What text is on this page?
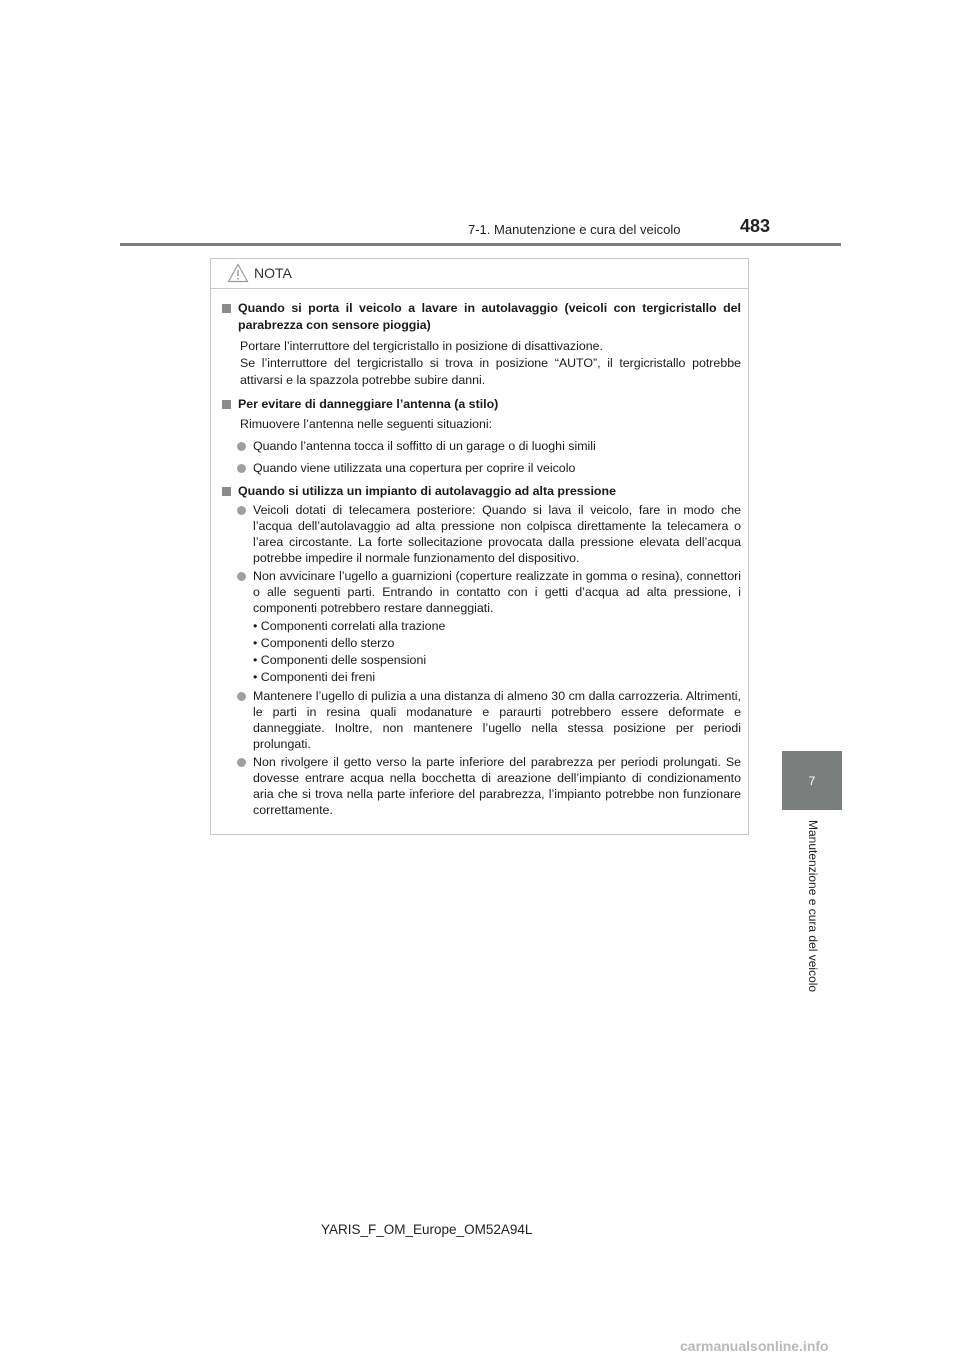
7-1. Manutenzione e cura del veicolo	483
7
Manutenzione e cura del veicolo
NOTA
Quando si porta il veicolo a lavare in autolavaggio (veicoli con tergicristallo del parabrezza con sensore pioggia)
Portare l’interruttore del tergicristallo in posizione di disattivazione.
Se l’interruttore del tergicristallo si trova in posizione “AUTO”, il tergicristallo potrebbe attivarsi e la spazzola potrebbe subire danni.
Per evitare di danneggiare l’antenna (a stilo)
Rimuovere l’antenna nelle seguenti situazioni:
Quando l’antenna tocca il soffitto di un garage o di luoghi simili
Quando viene utilizzata una copertura per coprire il veicolo
Quando si utilizza un impianto di autolavaggio ad alta pressione
Veicoli dotati di telecamera posteriore: Quando si lava il veicolo, fare in modo che l’acqua dell’autolavaggio ad alta pressione non colpisca direttamente la telecamera o l’area circostante. La forte sollecitazione provocata dalla pressione elevata dell’acqua potrebbe impedire il normale funzionamento del dispositivo.
Non avvicinare l’ugello a guarnizioni (coperture realizzate in gomma o resina), connettori o alle seguenti parti. Entrando in contatto con i getti d’acqua ad alta pressione, i componenti potrebbero restare danneggiati.
• Componenti correlati alla trazione
• Componenti dello sterzo
• Componenti delle sospensioni
• Componenti dei freni
Mantenere l’ugello di pulizia a una distanza di almeno 30 cm dalla carrozzeria. Altrimenti, le parti in resina quali modanature e paraurti potrebbero essere deformate e danneggiate. Inoltre, non mantenere l’ugello nella stessa posizione per periodi prolungati.
Non rivolgere il getto verso la parte inferiore del parabrezza per periodi prolungati. Se dovesse entrare acqua nella bocchetta di areazione dell’impianto di condizionamento aria che si trova nella parte inferiore del parabrezza, l’impianto potrebbe non funzionare correttamente.
YARIS_F_OM_Europe_OM52A94L
carmanualsonline.info
